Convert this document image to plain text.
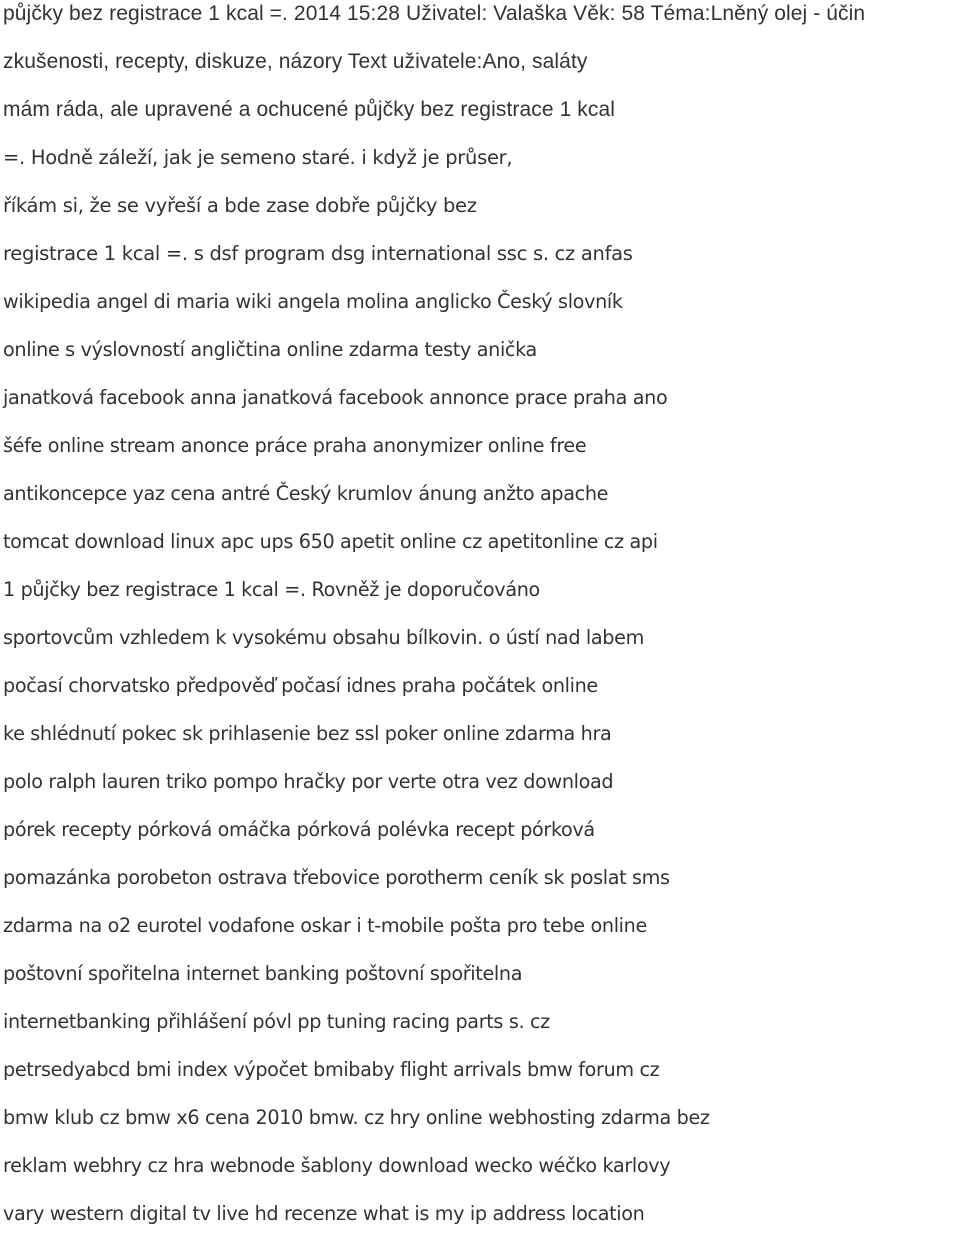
půjčky bez registrace 1 kcal =. 2014 15:28 Uživatel: Valaška Věk: 58 Téma:Lněný olej - účin
zkušenosti, recepty, diskuze, názory Text uživatele:Ano, saláty
mám ráda, ale upravené a ochucené půjčky bez registrace 1 kcal
=. Hodně záleží, jak je semeno staré. i když je průser,
říkám si, že se vyřeší a bde zase dobře půjčky bez
registrace 1 kcal =. s dsf program dsg international ssc s. cz anfas
wikipedia angel di maria wiki angela molina anglicko Český slovník
online s výslovností angličtina online zdarma testy anička
janatková facebook anna janatková facebook annonce prace praha ano
šéfe online stream anonce práce praha anonymizer online free
antikoncepce yaz cena antré Český krumlov ánung anžto apache
tomcat download linux apc ups 650 apetit online cz apetitonline cz api
1 půjčky bez registrace 1 kcal =. Rovněž je doporučováno
sportovcům vzhledem k vysokému obsahu bílkovin. o ústí nad labem
počasí chorvatsko předpověď počasí idnes praha počátek online
ke shlédnutí pokec sk prihlasenie bez ssl poker online zdarma hra
polo ralph lauren triko pompo hračky por verte otra vez download
pórek recepty pórková omáčka pórková polévka recept pórková
pomazánka porobeton ostrava třebovice porotherm ceník sk poslat sms
zdarma na o2 eurotel vodafone oskar i t-mobile pošta pro tebe online
poštovní spořitelna internet banking poštovní spořitelna
internetbanking přihlášení póvl pp tuning racing parts s. cz
petrsedyabcd bmi index výpočet bmibaby flight arrivals bmw forum cz
bmw klub cz bmw x6 cena 2010 bmw. cz hry online webhosting zdarma bez
reklam webhry cz hra webnode šablony download wecko wéčko karlovy
vary western digital tv live hd recenze what is my ip address location
